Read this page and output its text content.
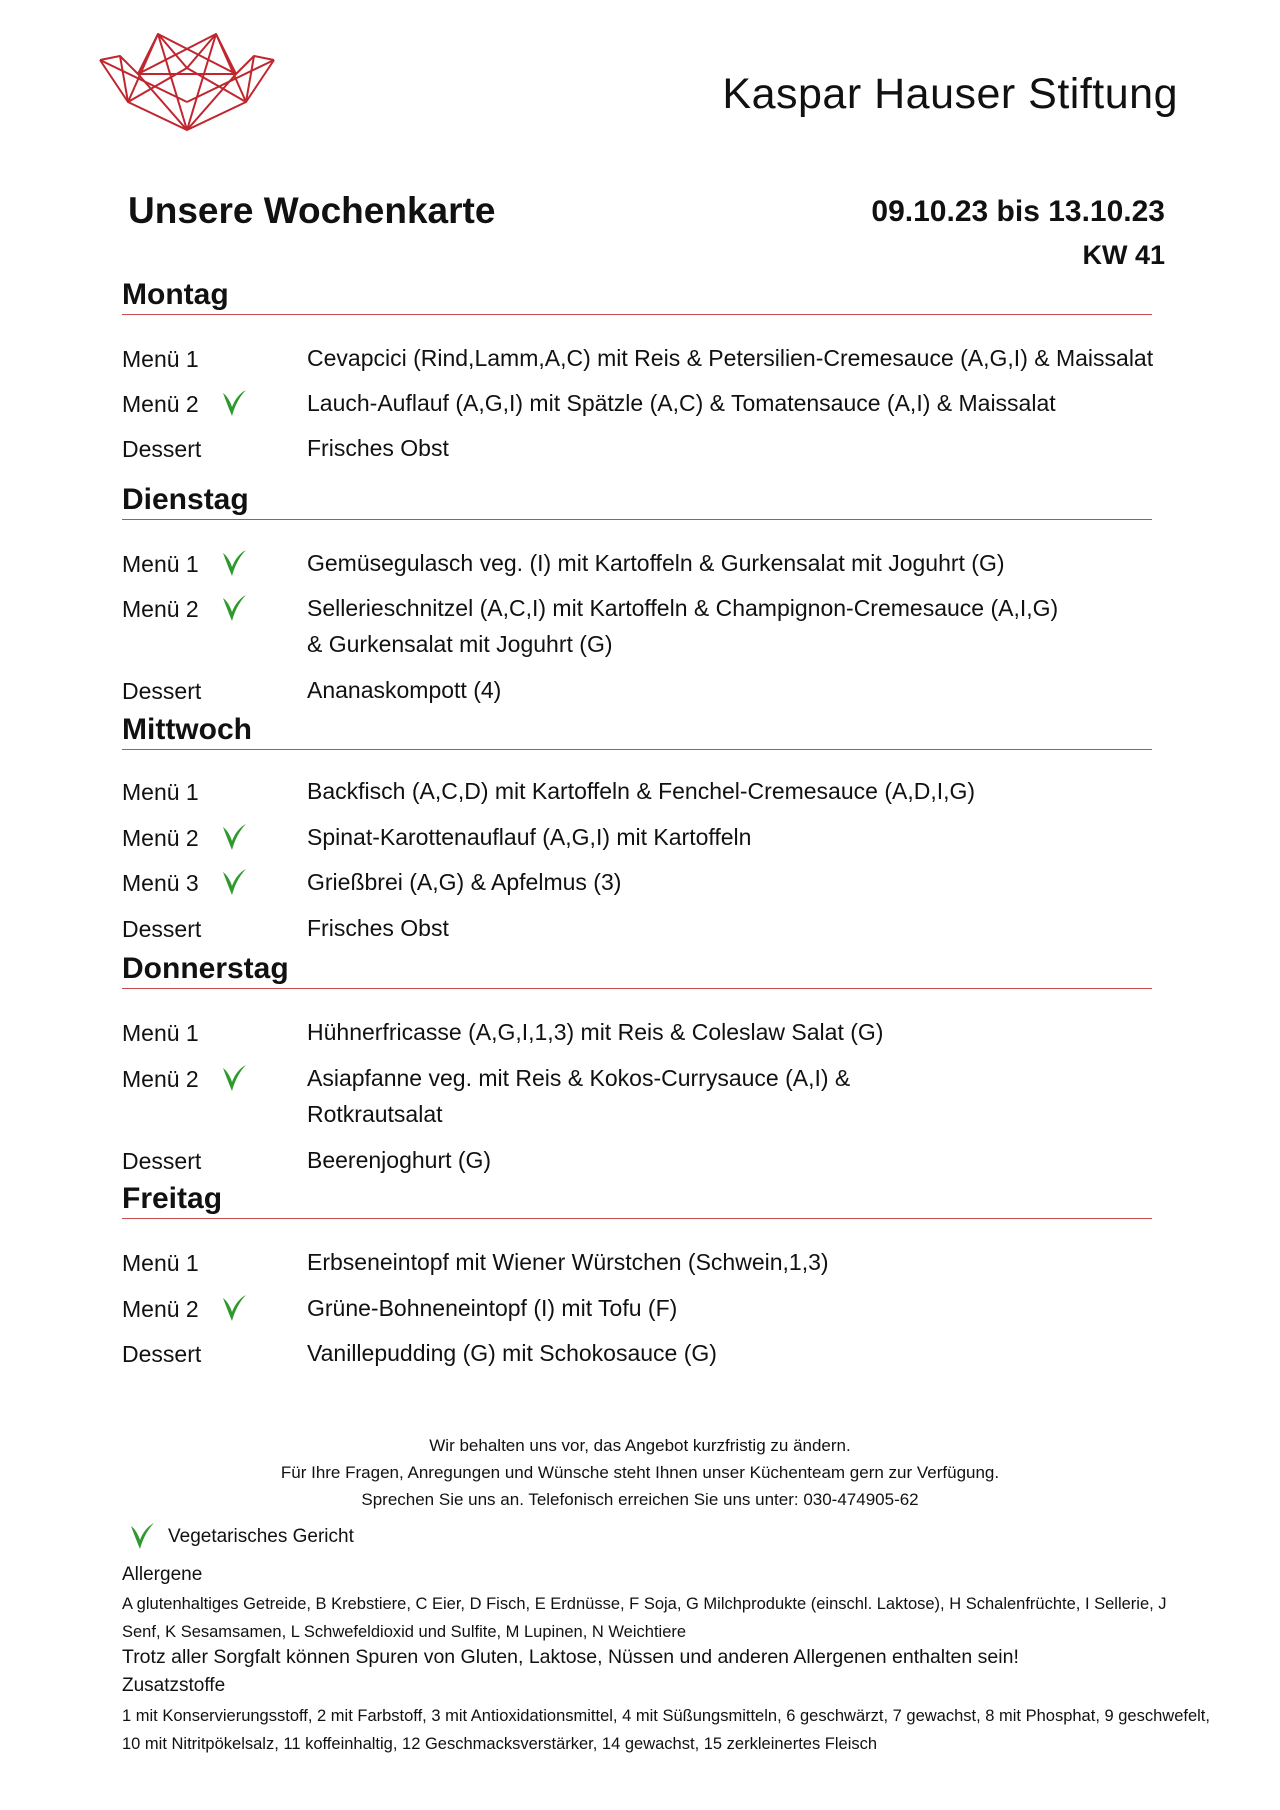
Kaspar Hauser Stiftung
Unsere Wochenkarte	09.10.23 bis 13.10.23
KW 41
Montag
Menü 1	Cevapcici (Rind,Lamm,A,C) mit Reis & Petersilien-Cremesauce (A,G,I) & Maissalat
Menü 2	Lauch-Auflauf (A,G,I) mit Spätzle (A,C) & Tomatensauce (A,I) & Maissalat
Dessert	Frisches Obst
Dienstag
Menü 1	Gemüsegulasch veg. (I) mit Kartoffeln & Gurkensalat mit Joguhrt (G)
Menü 2	Sellerieschnitzel (A,C,I) mit Kartoffeln & Champignon-Cremesauce (A,I,G)
& Gurkensalat mit Joguhrt (G)
Dessert	Ananaskompott (4)
Mittwoch
Menü 1	Backfisch (A,C,D) mit Kartoffeln & Fenchel-Cremesauce (A,D,I,G)
Menü 2	Spinat-Karottenauflauf (A,G,I) mit Kartoffeln
Menü 3	Grießbrei (A,G) & Apfelmus (3)
Dessert	Frisches Obst
Donnerstag
Menü 1	Hühnerfricasse (A,G,I,1,3) mit Reis & Coleslaw Salat (G)
Menü 2	Asiapfanne veg. mit Reis & Kokos-Currysauce (A,I) &
Rotkrautsalat
Dessert	Beerenjoghurt (G)
Freitag
Menü 1	Erbseneintopf mit Wiener Würstchen (Schwein,1,3)
Menü 2	Grüne-Bohneneintopf (I) mit Tofu (F)
Dessert	Vanillepudding (G) mit Schokosauce (G)
Wir behalten uns vor, das Angebot kurzfristig zu ändern.
Für Ihre Fragen, Anregungen und Wünsche steht Ihnen unser Küchenteam gern zur Verfügung.
Sprechen Sie uns an. Telefonisch erreichen Sie uns unter: 030-474905-62
Vegetarisches Gericht
Allergene
A glutenhaltiges Getreide, B Krebstiere, C Eier, D Fisch, E Erdnüsse, F Soja, G Milchprodukte (einschl. Laktose), H Schalenfrüchte, I Sellerie, J Senf, K Sesamsamen, L Schwefeldioxid und Sulfite, M Lupinen, N Weichtiere
Trotz aller Sorgfalt können Spuren von Gluten, Laktose, Nüssen und anderen Allergenen enthalten sein!
Zusatzstoffe
1 mit Konservierungsstoff, 2 mit Farbstoff, 3 mit Antioxidationsmittel, 4 mit Süßungsmitteln, 6 geschwärzt, 7 gewachst, 8 mit Phosphat, 9 geschwefelt, 10 mit Nitritpökelsalz, 11 koffeinhaltig, 12 Geschmacksverstärker, 14 gewachst, 15 zerkleinertes Fleisch
